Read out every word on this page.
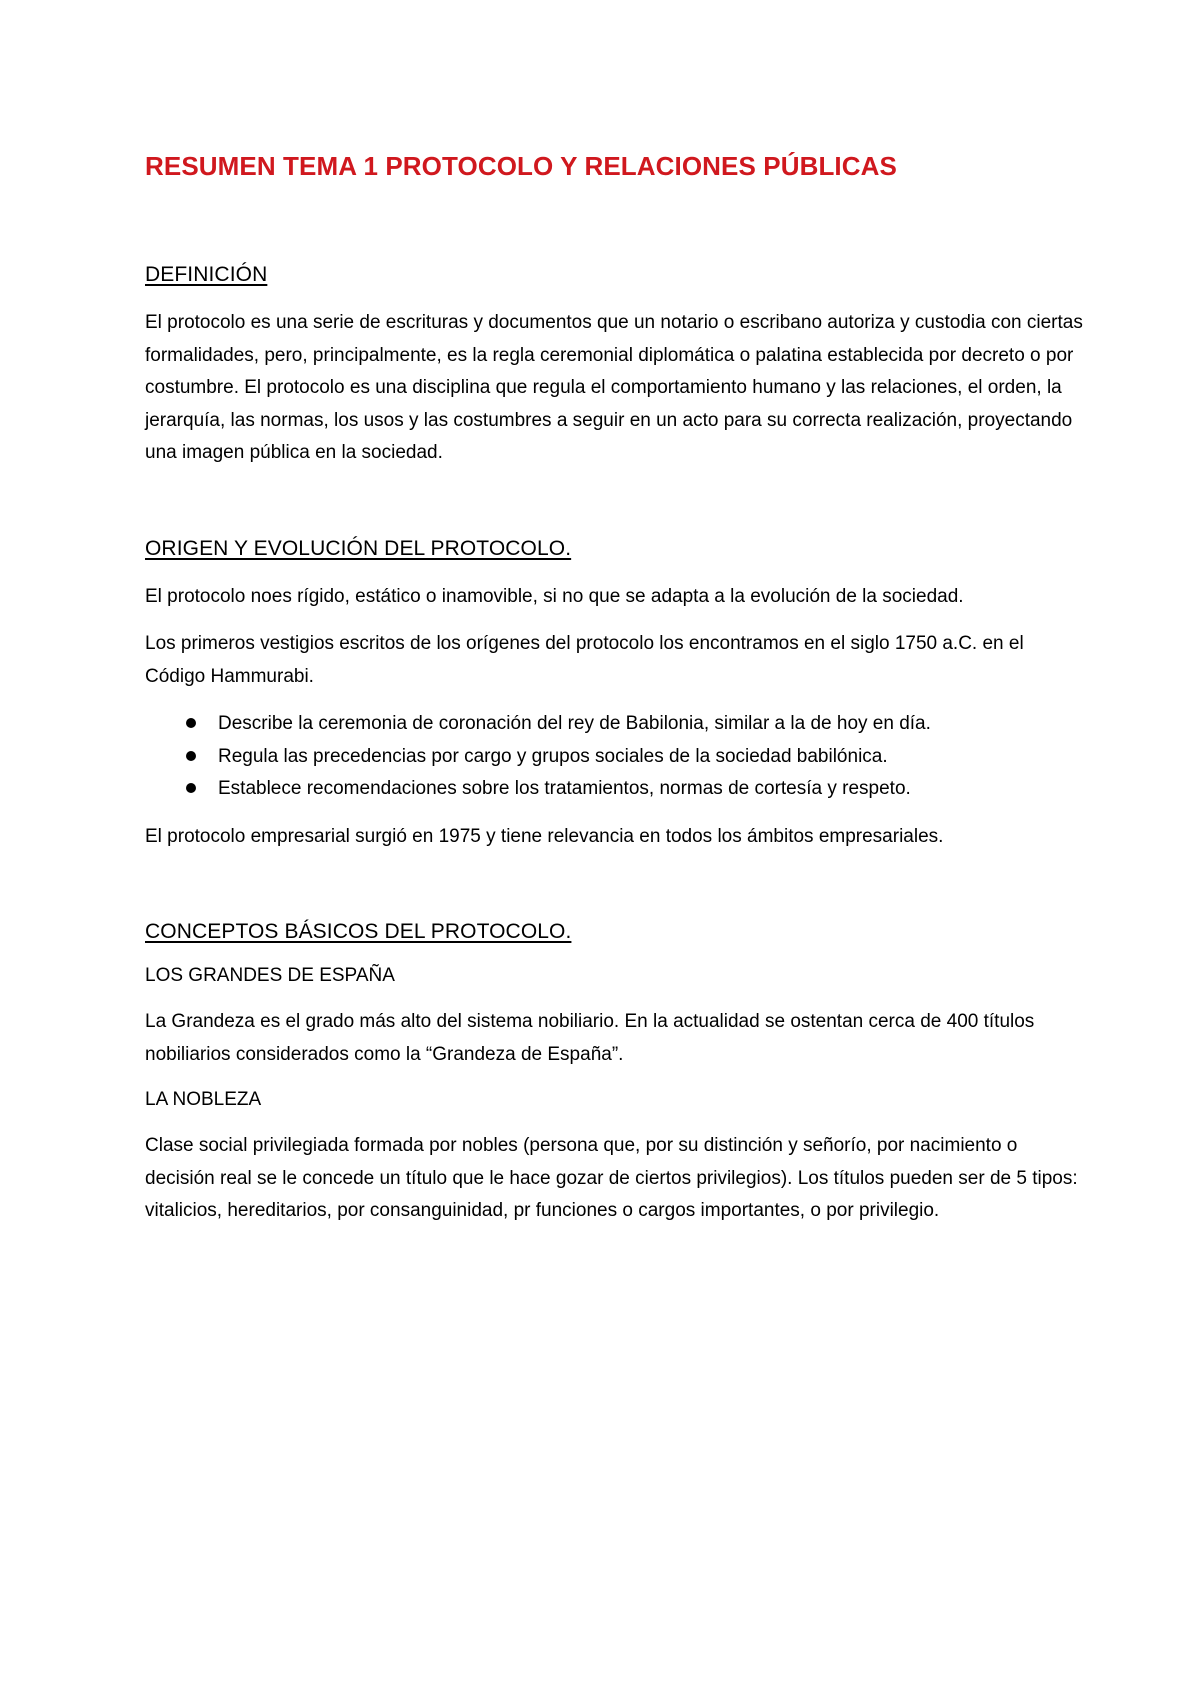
RESUMEN TEMA 1 PROTOCOLO Y RELACIONES PÚBLICAS
DEFINICIÓN

El protocolo es una serie de escrituras y documentos que un notario o escribano autoriza y custodia con ciertas formalidades, pero, principalmente, es la regla ceremonial diplomática o palatina establecida por decreto o por costumbre. El protocolo es una disciplina que regula el comportamiento humano y las relaciones, el orden, la jerarquía, las normas, los usos y las costumbres a seguir en un acto para su correcta realización, proyectando una imagen pública en la sociedad.

ORIGEN Y EVOLUCIÓN DEL PROTOCOLO.

El protocolo noes rígido, estático o inamovible, si no que se adapta a la evolución de la sociedad.

Los primeros vestigios escritos de los orígenes del protocolo los encontramos en el siglo 1750 a.C. en el Código Hammurabi.

Describe la ceremonia de coronación del rey de Babilonia, similar a la de hoy en día.
Regula las precedencias por cargo y grupos sociales de la sociedad babilónica.
Establece recomendaciones sobre los tratamientos, normas de cortesía y respeto.

El protocolo empresarial surgió en 1975 y tiene relevancia en todos los ámbitos empresariales.

CONCEPTOS BÁSICOS DEL PROTOCOLO.

LOS GRANDES DE ESPAÑA

La Grandeza es el grado más alto del sistema nobiliario. En la actualidad se ostentan cerca de 400 títulos nobiliarios considerados como la “Grandeza de España”.

LA NOBLEZA

Clase social privilegiada formada por nobles (persona que, por su distinción y señorío, por nacimiento o decisión real se le concede un título que le hace gozar de ciertos privilegios). Los títulos pueden ser de 5 tipos: vitalicios, hereditarios, por consanguinidad, pr funciones o cargos importantes, o por privilegio.
